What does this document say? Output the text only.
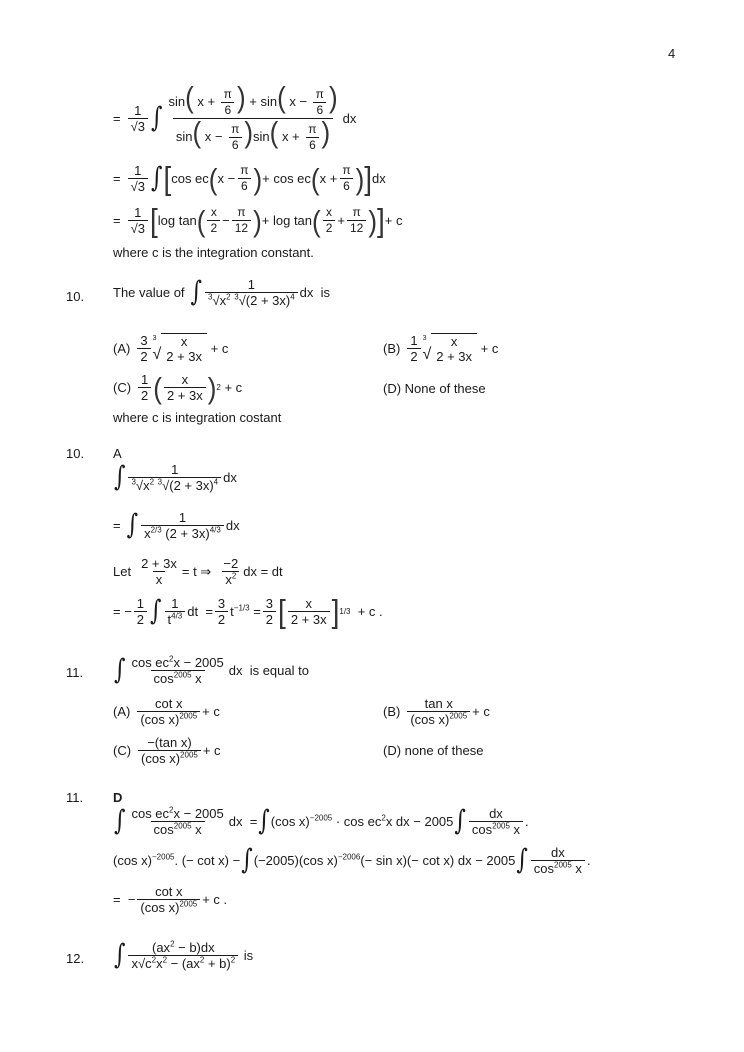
4
= $\frac{1}{√3}$ ∫ $\frac{\sin( x + \frac{\pi}{6} ) + \sin( x - \frac{\pi}{6} )}{\sin( x - \frac{\pi}{6} )\sin( x + \frac{\pi}{6} )}$ dx
= $\frac{1}{√3}$ ∫ [ cos ec ( $x - \frac{\pi}{6}$ ) + cos ec ( $x + \frac{\pi}{6}$ ) ] dx
= $\frac{1}{√3}$ [ log tan ( $\frac{x}{2} - \frac{\pi}{12}$ ) + log tan ( $\frac{x}{2} + \frac{\pi}{12}$ ) ] + c
where c is the integration constant.
10. The value of ∫ $\frac{1}{^3√x^2 ^3√(2 + 3x)^4}$ dx  is
$(A) \frac{3}{2} 3$
√
x
2 + 3x
+ c	$(B) \frac{1}{2} 3$
√
x
2 + 3x
+ c
$(C) \frac{1}{2}$ ( $\frac{x}{2 + 3x}$ ) 2 + c	(D) None of these
where c is integration costant
10. A
∫ $\frac{1}{^3√x^2 ^3√(2 + 3x)^4}$ dx
= ∫ $\frac{1}{x^{2/3} (2 + 3x)^{4/3}}$ dx
Let $\frac{2 + 3x}{x} = t$ ⇒ $\frac{-2}{x^2}$ dx = dt
= − $\frac{1}{2}$ ∫ $\frac{1}{t^{4/3}}$ dt  = $\frac{3}{2} t^{-1/3} = \frac{3}{2}$ [ $\frac{x}{2 + 3x}$ ] 1/3 + c .
11. ∫ $\frac{\cos ec^2x - 2005}{\cos^{2005} x}$ dx  is equal to
$(A) \frac{\text{cot x}}{(\cos x)^{2005}} + c$	$(B) \frac{\text{tan x}}{(\cos x)^{2005}} + c$
$(C) \frac{\text{−(tan x)}}{(\cos x)^{2005}} + c$	(D) none of these
11. D
∫ $\frac{\cos ec^2x - 2005}{\cos^{2005} x}$ dx  = ∫ (cos $x)^{-2005} \cdot \cos ec^2x$ dx − 2005 ∫ $\frac{dx}{\cos^{2005} x}$ .
(cos x)$^{-2005}$. (− cot x) − ∫ (−2005)(cos x)$^{-2006}$(− sin x)(− cot x) dx − 2005 ∫ $\frac{dx}{\cos^{2005} x}$ .
=  − $\frac{\text{cot x}}{(\cos x)^{2005}} + c$ .
12. ∫ $\frac{(ax^2 - b)dx}{x√c^2x^2 - (ax^2 + b)^2}$
is
